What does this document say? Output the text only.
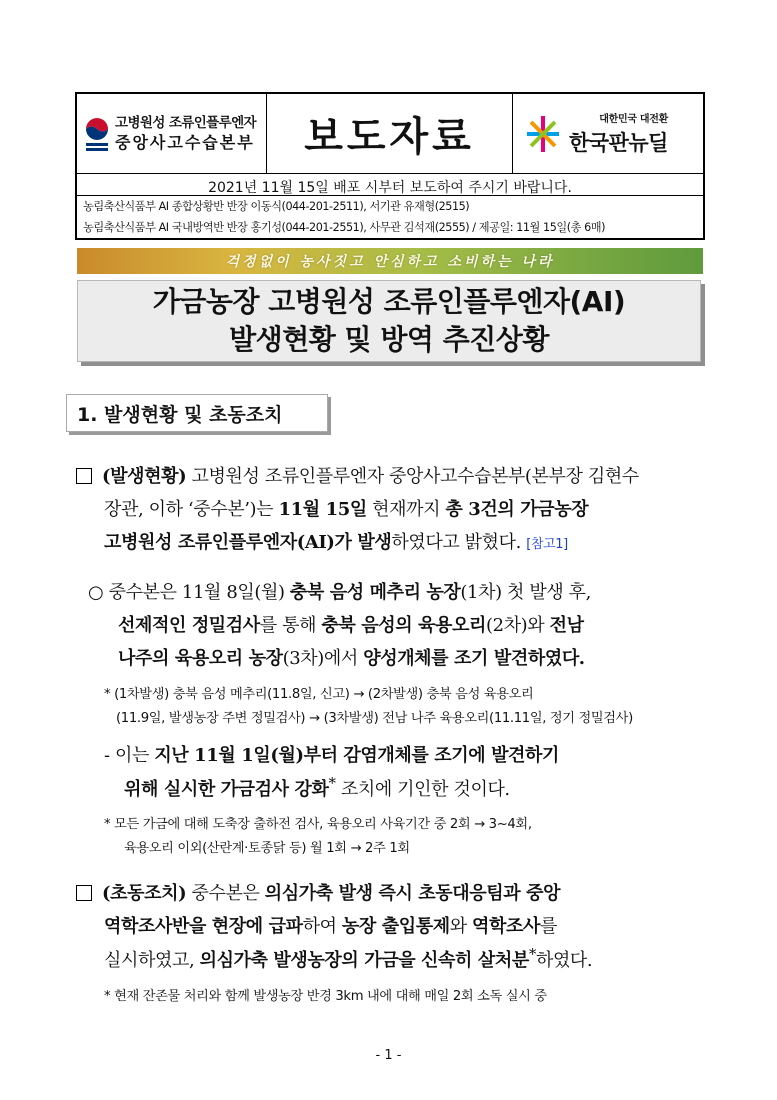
고병원성 조류인플루엔자
중앙사고수습본부	보도자료	대한민국 대전환
한국판뉴딜
2021년 11월 15일 배포 시부터 보도하여 주시기 바랍니다.
농림축산식품부 AI 종합상황반 반장 이동식(044-201-2511), 서기관 유재형(2515)
농림축산식품부 AI 국내방역반 반장 홍기성(044-201-2551), 사무관 김석재(2555) / 제공일: 11월 15일(총 6매)
걱정없이 농사짓고 안심하고 소비하는 나라
가금농장 고병원성 조류인플루엔자(AI)
발생현황 및 방역 추진상황
1. 발생현황 및 초동조치
(발생현황) 고병원성 조류인플루엔자 중앙사고수습본부(본부장 김현수
장관, 이하 ‘중수본’)는 11월 15일 현재까지 총 3건의 가금농장
고병원성 조류인플루엔자(AI)가 발생하였다고 밝혔다. [참고1]
○ 중수본은 11월 8일(월) 충북 음성 메추리 농장(1차) 첫 발생 후,
선제적인 정밀검사를 통해 충북 음성의 육용오리(2차)와 전남
나주의 육용오리 농장(3차)에서 양성개체를 조기 발견하였다.
* (1차발생) 충북 음성 메추리(11.8일, 신고) → (2차발생) 충북 음성 육용오리
(11.9일, 발생농장 주변 정밀검사) → (3차발생) 전남 나주 육용오리(11.11일, 정기 정밀검사)
- 이는 지난 11월 1일(월)부터 감염개체를 조기에 발견하기
위해 실시한 가금검사 강화* 조치에 기인한 것이다.
* 모든 가금에 대해 도축장 출하전 검사, 육용오리 사육기간 중 2회 → 3~4회,
육용오리 이외(산란계·토종닭 등) 월 1회 → 2주 1회
(초동조치) 중수본은 의심가축 발생 즉시 초동대응팀과 중앙
역학조사반을 현장에 급파하여 농장 출입통제와 역학조사를
실시하였고, 의심가축 발생농장의 가금을 신속히 살처분*하였다.
* 현재 잔존물 처리와 함께 발생농장 반경 3km 내에 대해 매일 2회 소독 실시 중
- 1 -
